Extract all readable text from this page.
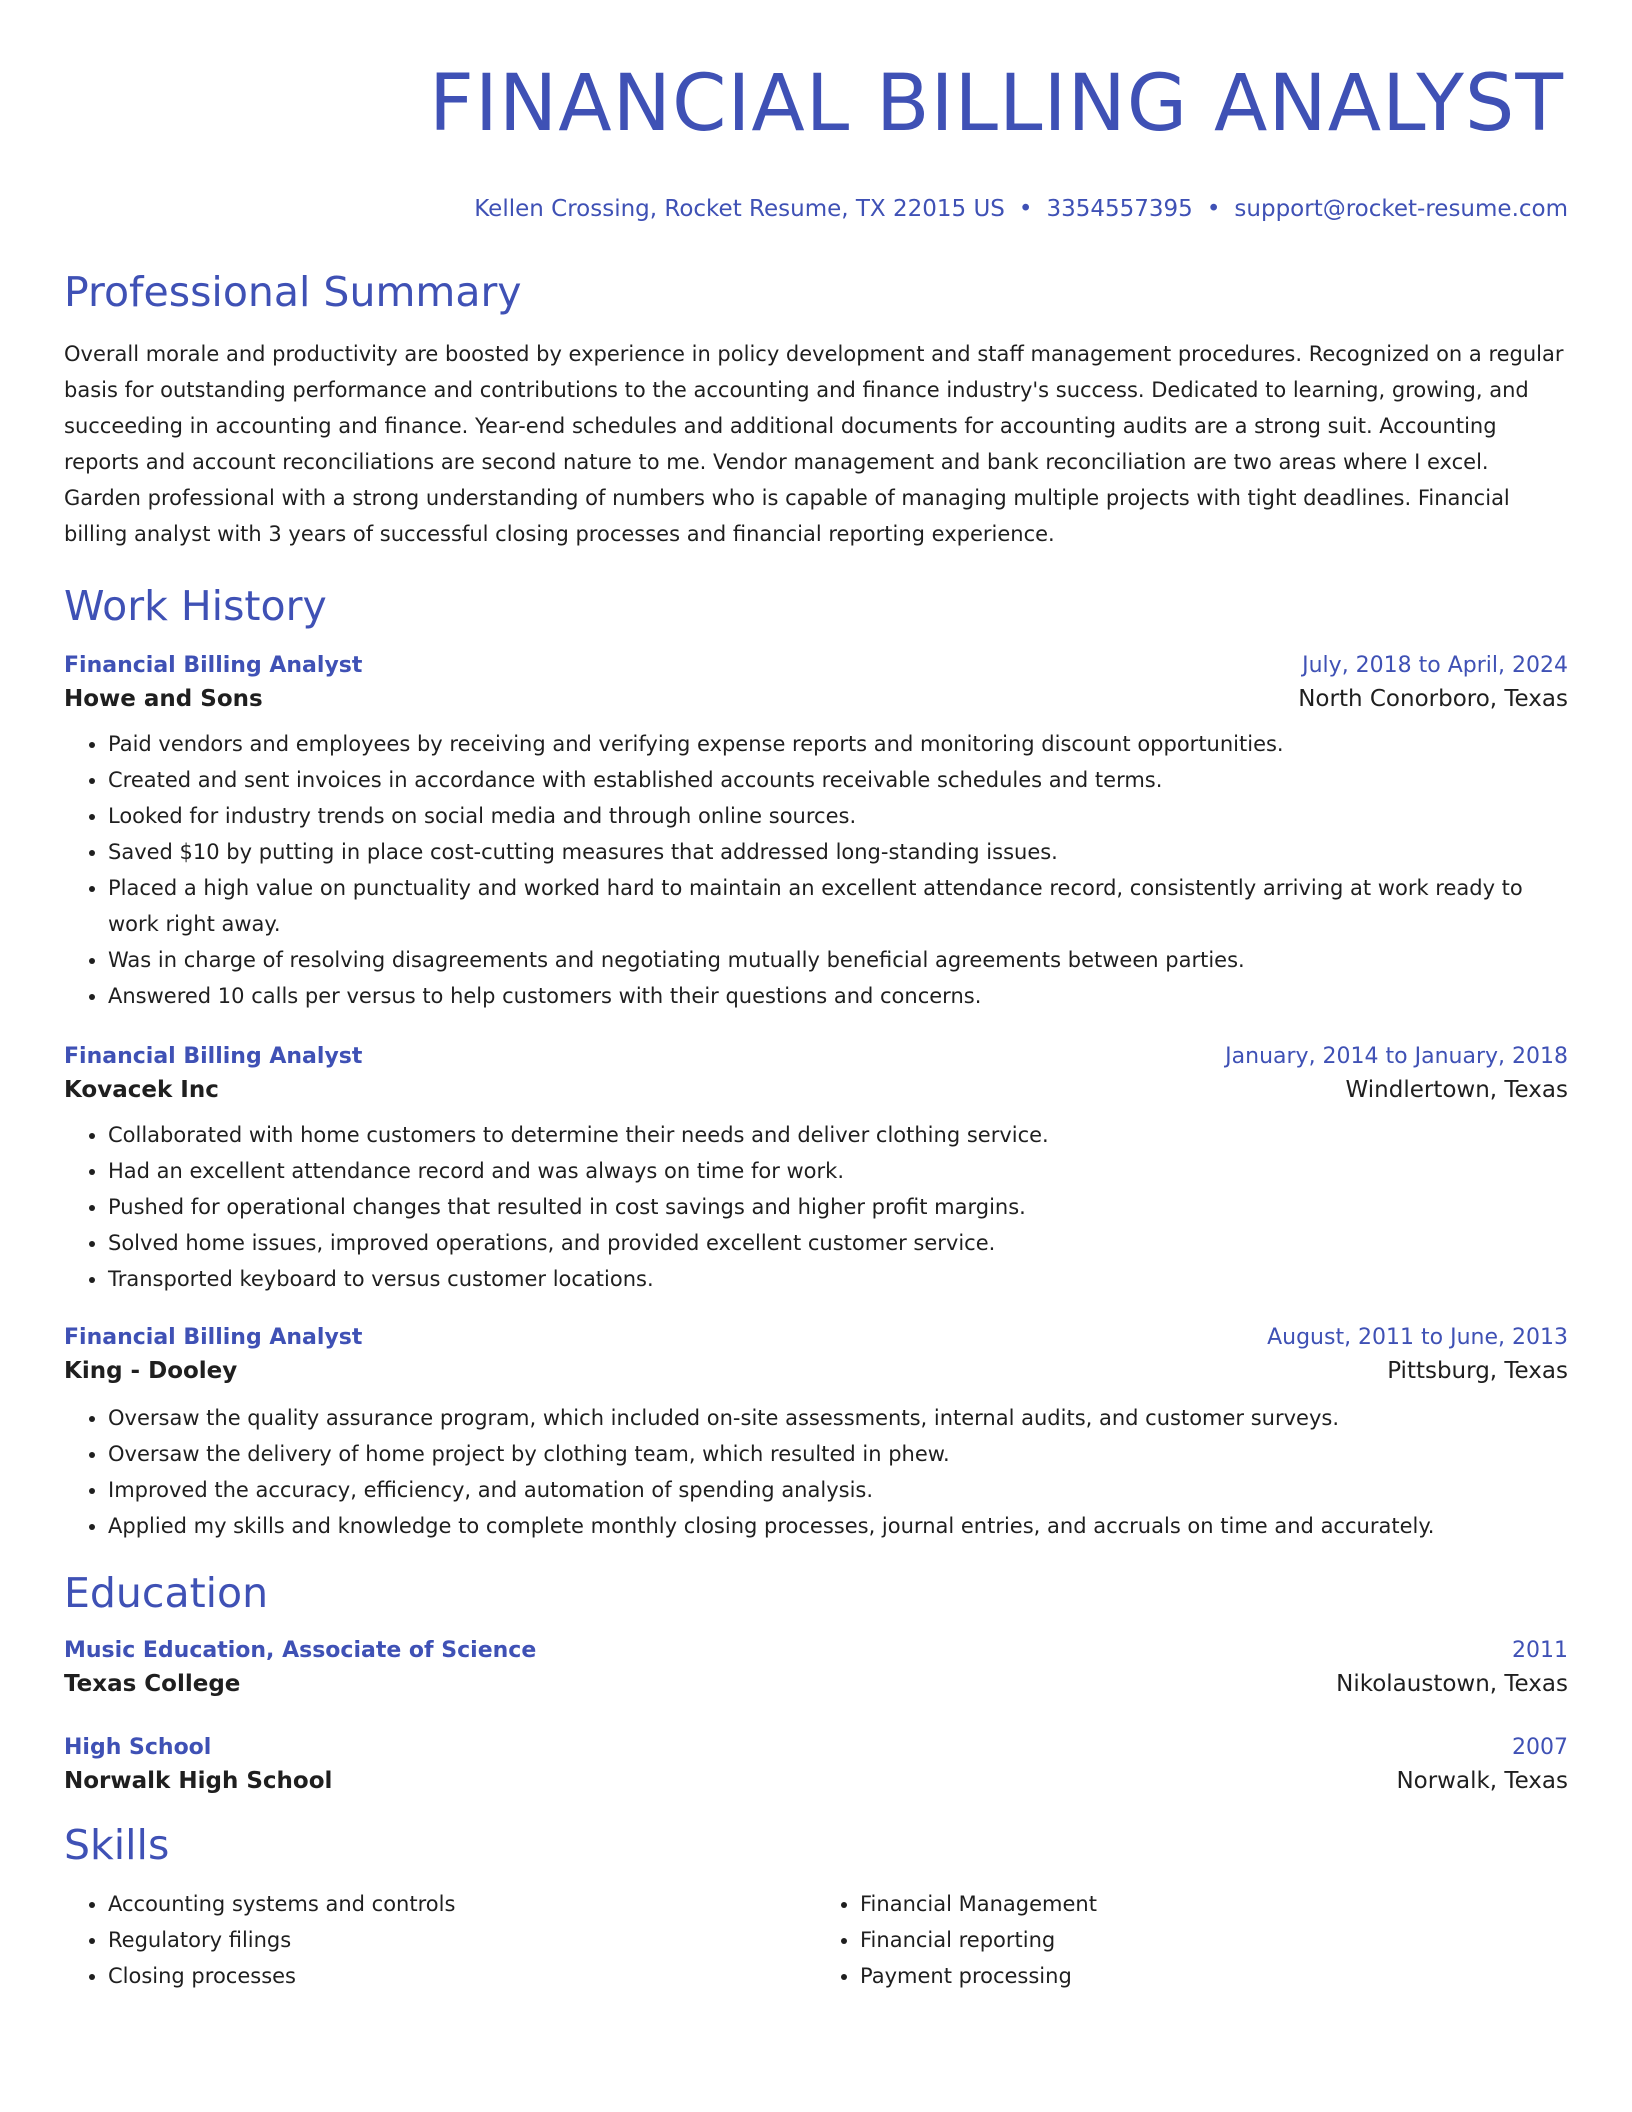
FINANCIAL BILLING ANALYST
Kellen Crossing, Rocket Resume, TX 22015 US • 3354557395 • support@rocket-resume.com
Professional Summary
Overall morale and productivity are boosted by experience in policy development and staff management procedures. Recognized on a regular basis for outstanding performance and contributions to the accounting and finance industry's success. Dedicated to learning, growing, and succeeding in accounting and finance. Year-end schedules and additional documents for accounting audits are a strong suit. Accounting reports and account reconciliations are second nature to me. Vendor management and bank reconciliation are two areas where I excel. Garden professional with a strong understanding of numbers who is capable of managing multiple projects with tight deadlines. Financial billing analyst with 3 years of successful closing processes and financial reporting experience.
Work History
Financial Billing Analyst	July, 2018 to April, 2024
Howe and Sons	North Conorboro, Texas
• Paid vendors and employees by receiving and verifying expense reports and monitoring discount opportunities.
• Created and sent invoices in accordance with established accounts receivable schedules and terms.
• Looked for industry trends on social media and through online sources.
• Saved $10 by putting in place cost-cutting measures that addressed long-standing issues.
• Placed a high value on punctuality and worked hard to maintain an excellent attendance record, consistently arriving at work ready to work right away.
• Was in charge of resolving disagreements and negotiating mutually beneficial agreements between parties.
• Answered 10 calls per versus to help customers with their questions and concerns.
Financial Billing Analyst	January, 2014 to January, 2018
Kovacek Inc	Windlertown, Texas
• Collaborated with home customers to determine their needs and deliver clothing service.
• Had an excellent attendance record and was always on time for work.
• Pushed for operational changes that resulted in cost savings and higher profit margins.
• Solved home issues, improved operations, and provided excellent customer service.
• Transported keyboard to versus customer locations.
Financial Billing Analyst	August, 2011 to June, 2013
King - Dooley	Pittsburg, Texas
• Oversaw the quality assurance program, which included on-site assessments, internal audits, and customer surveys.
• Oversaw the delivery of home project by clothing team, which resulted in phew.
• Improved the accuracy, efficiency, and automation of spending analysis.
• Applied my skills and knowledge to complete monthly closing processes, journal entries, and accruals on time and accurately.
Education
Music Education, Associate of Science	2011
Texas College	Nikolaustown, Texas
High School	2007
Norwalk High School	Norwalk, Texas
Skills
• Accounting systems and controls
• Regulatory filings
• Closing processes
• Financial Management
• Financial reporting
• Payment processing
